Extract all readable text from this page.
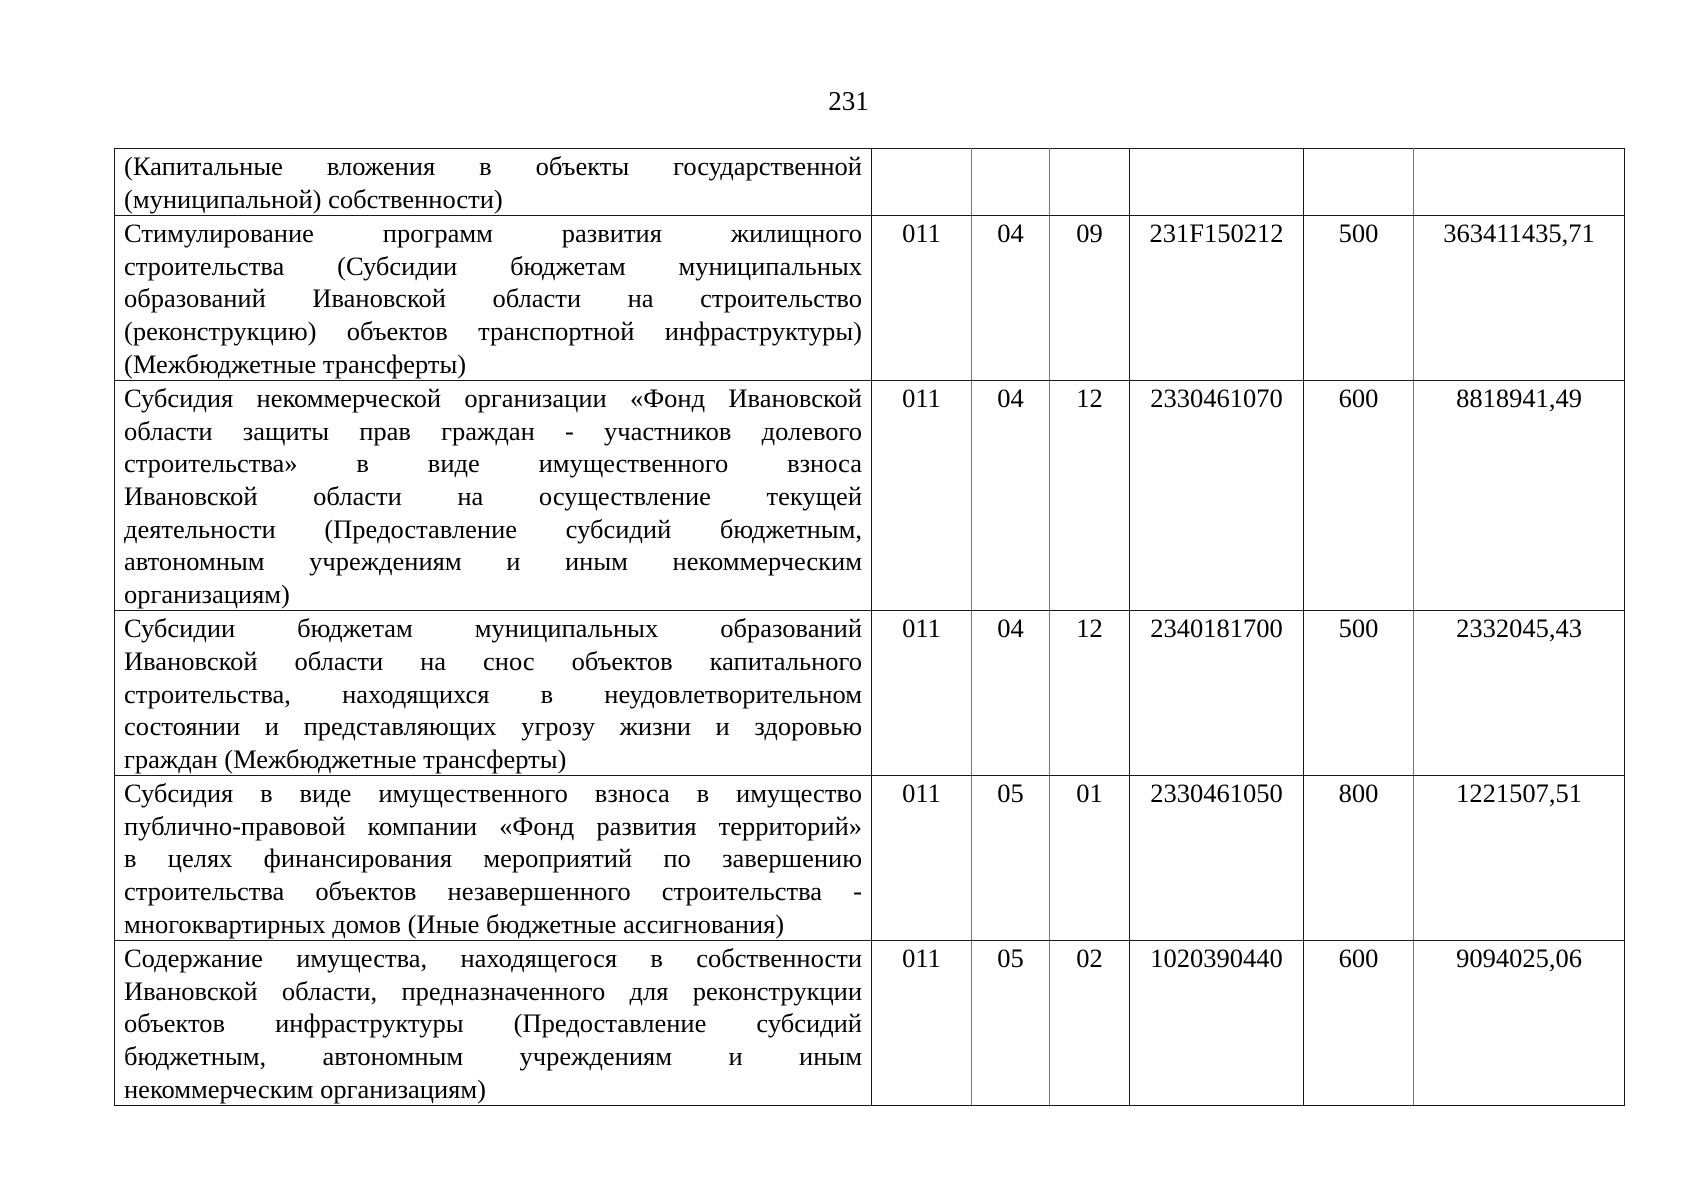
231
(Капитальные вложения в объекты государственной
(муниципальной) собственности)						

Стимулирование программ развития жилищного
строительства (Субсидии бюджетам муниципальных
образований Ивановской области на строительство
(реконструкцию) объектов транспортной инфраструктуры)
(Межбюджетные трансферты)	011	04	09	231F150212	500	363411435,71

Субсидия некоммерческой организации «Фонд Ивановской
области защиты прав граждан - участников долевого
строительства» в виде имущественного взноса
Ивановской области на осуществление текущей
деятельности (Предоставление субсидий бюджетным,
автономным учреждениям и иным некоммерческим
организациям)
	011	04	12	2330461070	600	8818941,49

Субсидии бюджетам муниципальных образований
Ивановской области на снос объектов капитального
строительства, находящихся в неудовлетворительном
состоянии и представляющих угрозу жизни и здоровью
граждан (Межбюджетные трансферты)	011	04	12	2340181700	500	2332045,43

Субсидия в виде имущественного взноса в имущество
публично-правовой компании «Фонд развития территорий»
в целях финансирования мероприятий по завершению
строительства объектов незавершенного строительства -
многоквартирных домов (Иные бюджетные ассигнования)	011	05	01	2330461050	800	1221507,51

Содержание имущества, находящегося в собственности
Ивановской области, предназначенного для реконструкции
объектов инфраструктуры (Предоставление субсидий
бюджетным, автономным учреждениям и иным
некоммерческим организациям)	011	05	02	1020390440	600	9094025,06
